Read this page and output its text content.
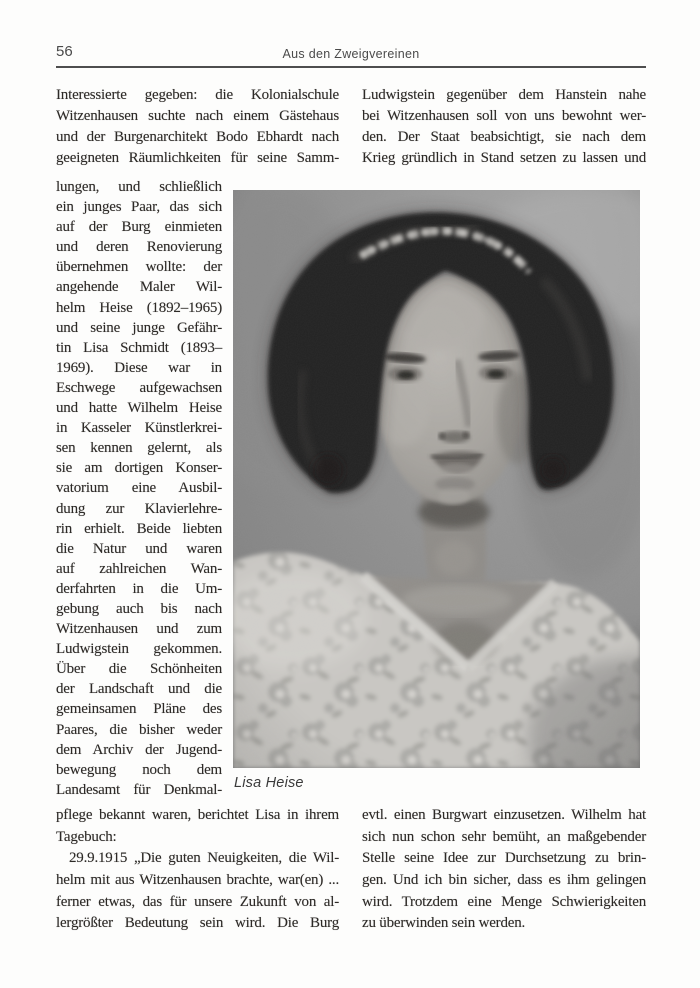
56	Aus den Zweigvereinen
Interessierte gegeben: die Kolonialschule
Witzenhausen suchte nach einem Gästehaus
und der Burgenarchitekt Bodo Ebhardt nach
geeigneten Räumlichkeiten für seine Samm-
Ludwigstein gegenüber dem Hanstein nahe
bei Witzenhausen soll von uns bewohnt wer-
den. Der Staat beabsichtigt, sie nach dem
Krieg gründlich in Stand setzen zu lassen und
lungen, und schließlich
ein junges Paar, das sich
auf der Burg einmieten
und deren Renovierung
übernehmen wollte: der
angehende Maler Wil-
helm Heise (1892–1965)
und seine junge Gefähr-
tin Lisa Schmidt (1893–
1969). Diese war in
Eschwege aufgewachsen
und hatte Wilhelm Heise
in Kasseler Künstlerkrei-
sen kennen gelernt, als
sie am dortigen Konser-
vatorium eine Ausbil-
dung zur Klavierlehre-
rin erhielt. Beide liebten
die Natur und waren
auf zahlreichen Wan-
derfahrten in die Um-
gebung auch bis nach
Witzenhausen und zum
Ludwigstein gekommen.
Über die Schönheiten
der Landschaft und die
gemeinsamen Pläne des
Paares, die bisher weder
dem Archiv der Jugend-
bewegung noch dem
Landesamt für Denkmal-
pflege bekannt waren, berichtet Lisa in ihrem
Tagebuch:
29.9.1915 „Die guten Neuigkeiten, die Wil-
helm mit aus Witzenhausen brachte, war(en) ...
ferner etwas, das für unsere Zukunft von al-
lergrößter Bedeutung sein wird. Die Burg
evtl. einen Burgwart einzusetzen. Wilhelm hat
sich nun schon sehr bemüht, an maßgebender
Stelle seine Idee zur Durchsetzung zu brin-
gen. Und ich bin sicher, dass es ihm gelingen
wird. Trotzdem eine Menge Schwierigkeiten
zu überwinden sein werden.
Lisa Heise
